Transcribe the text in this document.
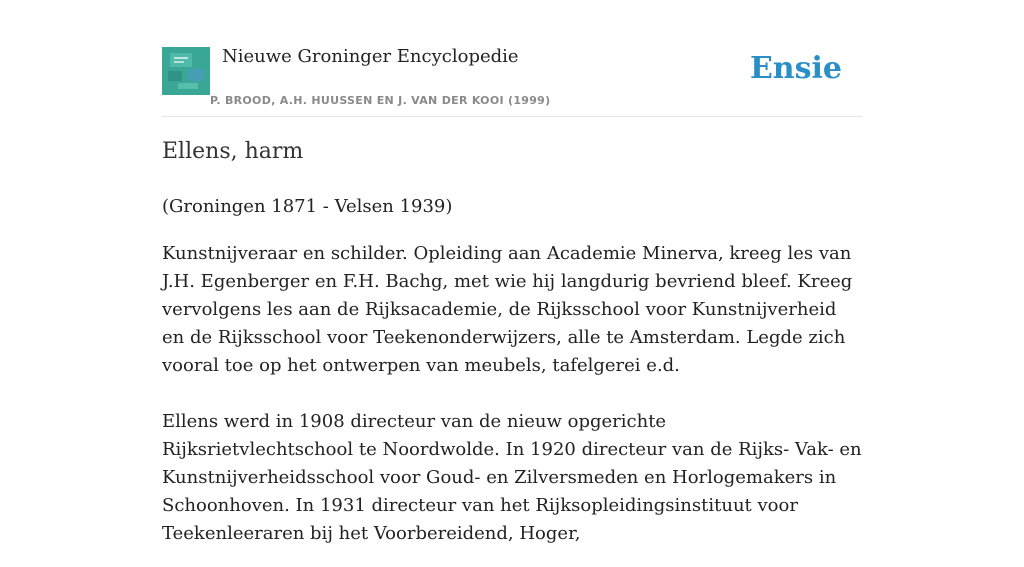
Nieuwe Groninger Encyclopedie
P. BROOD, A.H. HUUSSEN EN J. VAN DER KOOI (1999)
Ensie
Ellens, harm

(Groningen 1871 - Velsen 1939)

Kunstnijveraar en schilder. Opleiding aan Academie Minerva, kreeg les van J.H. Egenberger en F.H. Bachg, met wie hij langdurig bevriend bleef. Kreeg vervolgens les aan de Rijksacademie, de Rijksschool voor Kunstnijverheid en de Rijksschool voor Teekenonderwijzers, alle te Amsterdam. Legde zich vooral toe op het ontwerpen van meubels, tafelgerei e.d.

Ellens werd in 1908 directeur van de nieuw opgerichte Rijksrietvlechtschool te Noordwolde. In 1920 directeur van de Rijks- Vak- en Kunstnijverheidsschool voor Goud- en Zilversmeden en Horlogemakers in Schoonhoven. In 1931 directeur van het Rijksopleidingsinstituut voor Teekenleeraren bij het Voorbereidend, Hoger,
